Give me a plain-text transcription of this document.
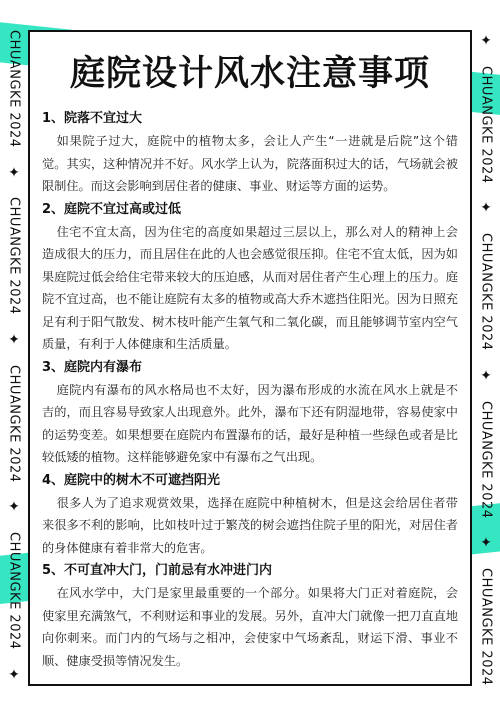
CHUANGKE 2024
✦
CHUANGKE 2024
✦
CHUANGKE 2024
✦
CHUANGKE 2024
✦
✦
CHUANGKE 2024
✦
CHUANGKE 2024
✦
CHUANGKE 2024
✦
CHUANGKE 2024
庭院设计风水注意事项
1、院落不宜过大

如果院子过大，庭院中的植物太多，会让人产生“一进就是后院”这个错觉。其实，这种情况并不好。风水学上认为，院落面积过大的话，气场就会被限制住。而这会影响到居住者的健康、事业、财运等方面的运势。

2、庭院不宜过高或过低

住宅不宜太高，因为住宅的高度如果超过三层以上，那么对人的精神上会造成很大的压力，而且居住在此的人也会感觉很压抑。住宅不宜太低，因为如果庭院过低会给住宅带来较大的压迫感，从而对居住者产生心理上的压力。庭院不宜过高，也不能让庭院有太多的植物或高大乔木遮挡住阳光。因为日照充足有利于阳气散发、树木枝叶能产生氧气和二氧化碳，而且能够调节室内空气质量，有利于人体健康和生活质量。

3、庭院内有瀑布

庭院内有瀑布的风水格局也不太好，因为瀑布形成的水流在风水上就是不吉的，而且容易导致家人出现意外。此外，瀑布下还有阴湿地带，容易使家中的运势变差。如果想要在庭院内布置瀑布的话，最好是种植一些绿色或者是比较低矮的植物。这样能够避免家中有瀑布之气出现。

4、庭院中的树木不可遮挡阳光

很多人为了追求观赏效果，选择在庭院中种植树木，但是这会给居住者带来很多不利的影响，比如枝叶过于繁茂的树会遮挡住院子里的阳光，对居住者的身体健康有着非常大的危害。

5、不可直冲大门，门前忌有水冲进门内

在风水学中，大门是家里最重要的一个部分。如果将大门正对着庭院，会使家里充满煞气，不利财运和事业的发展。另外，直冲大门就像一把刀直直地向你刺来。而门内的气场与之相冲，会使家中气场紊乱，财运下滑、事业不顺、健康受损等情况发生。
